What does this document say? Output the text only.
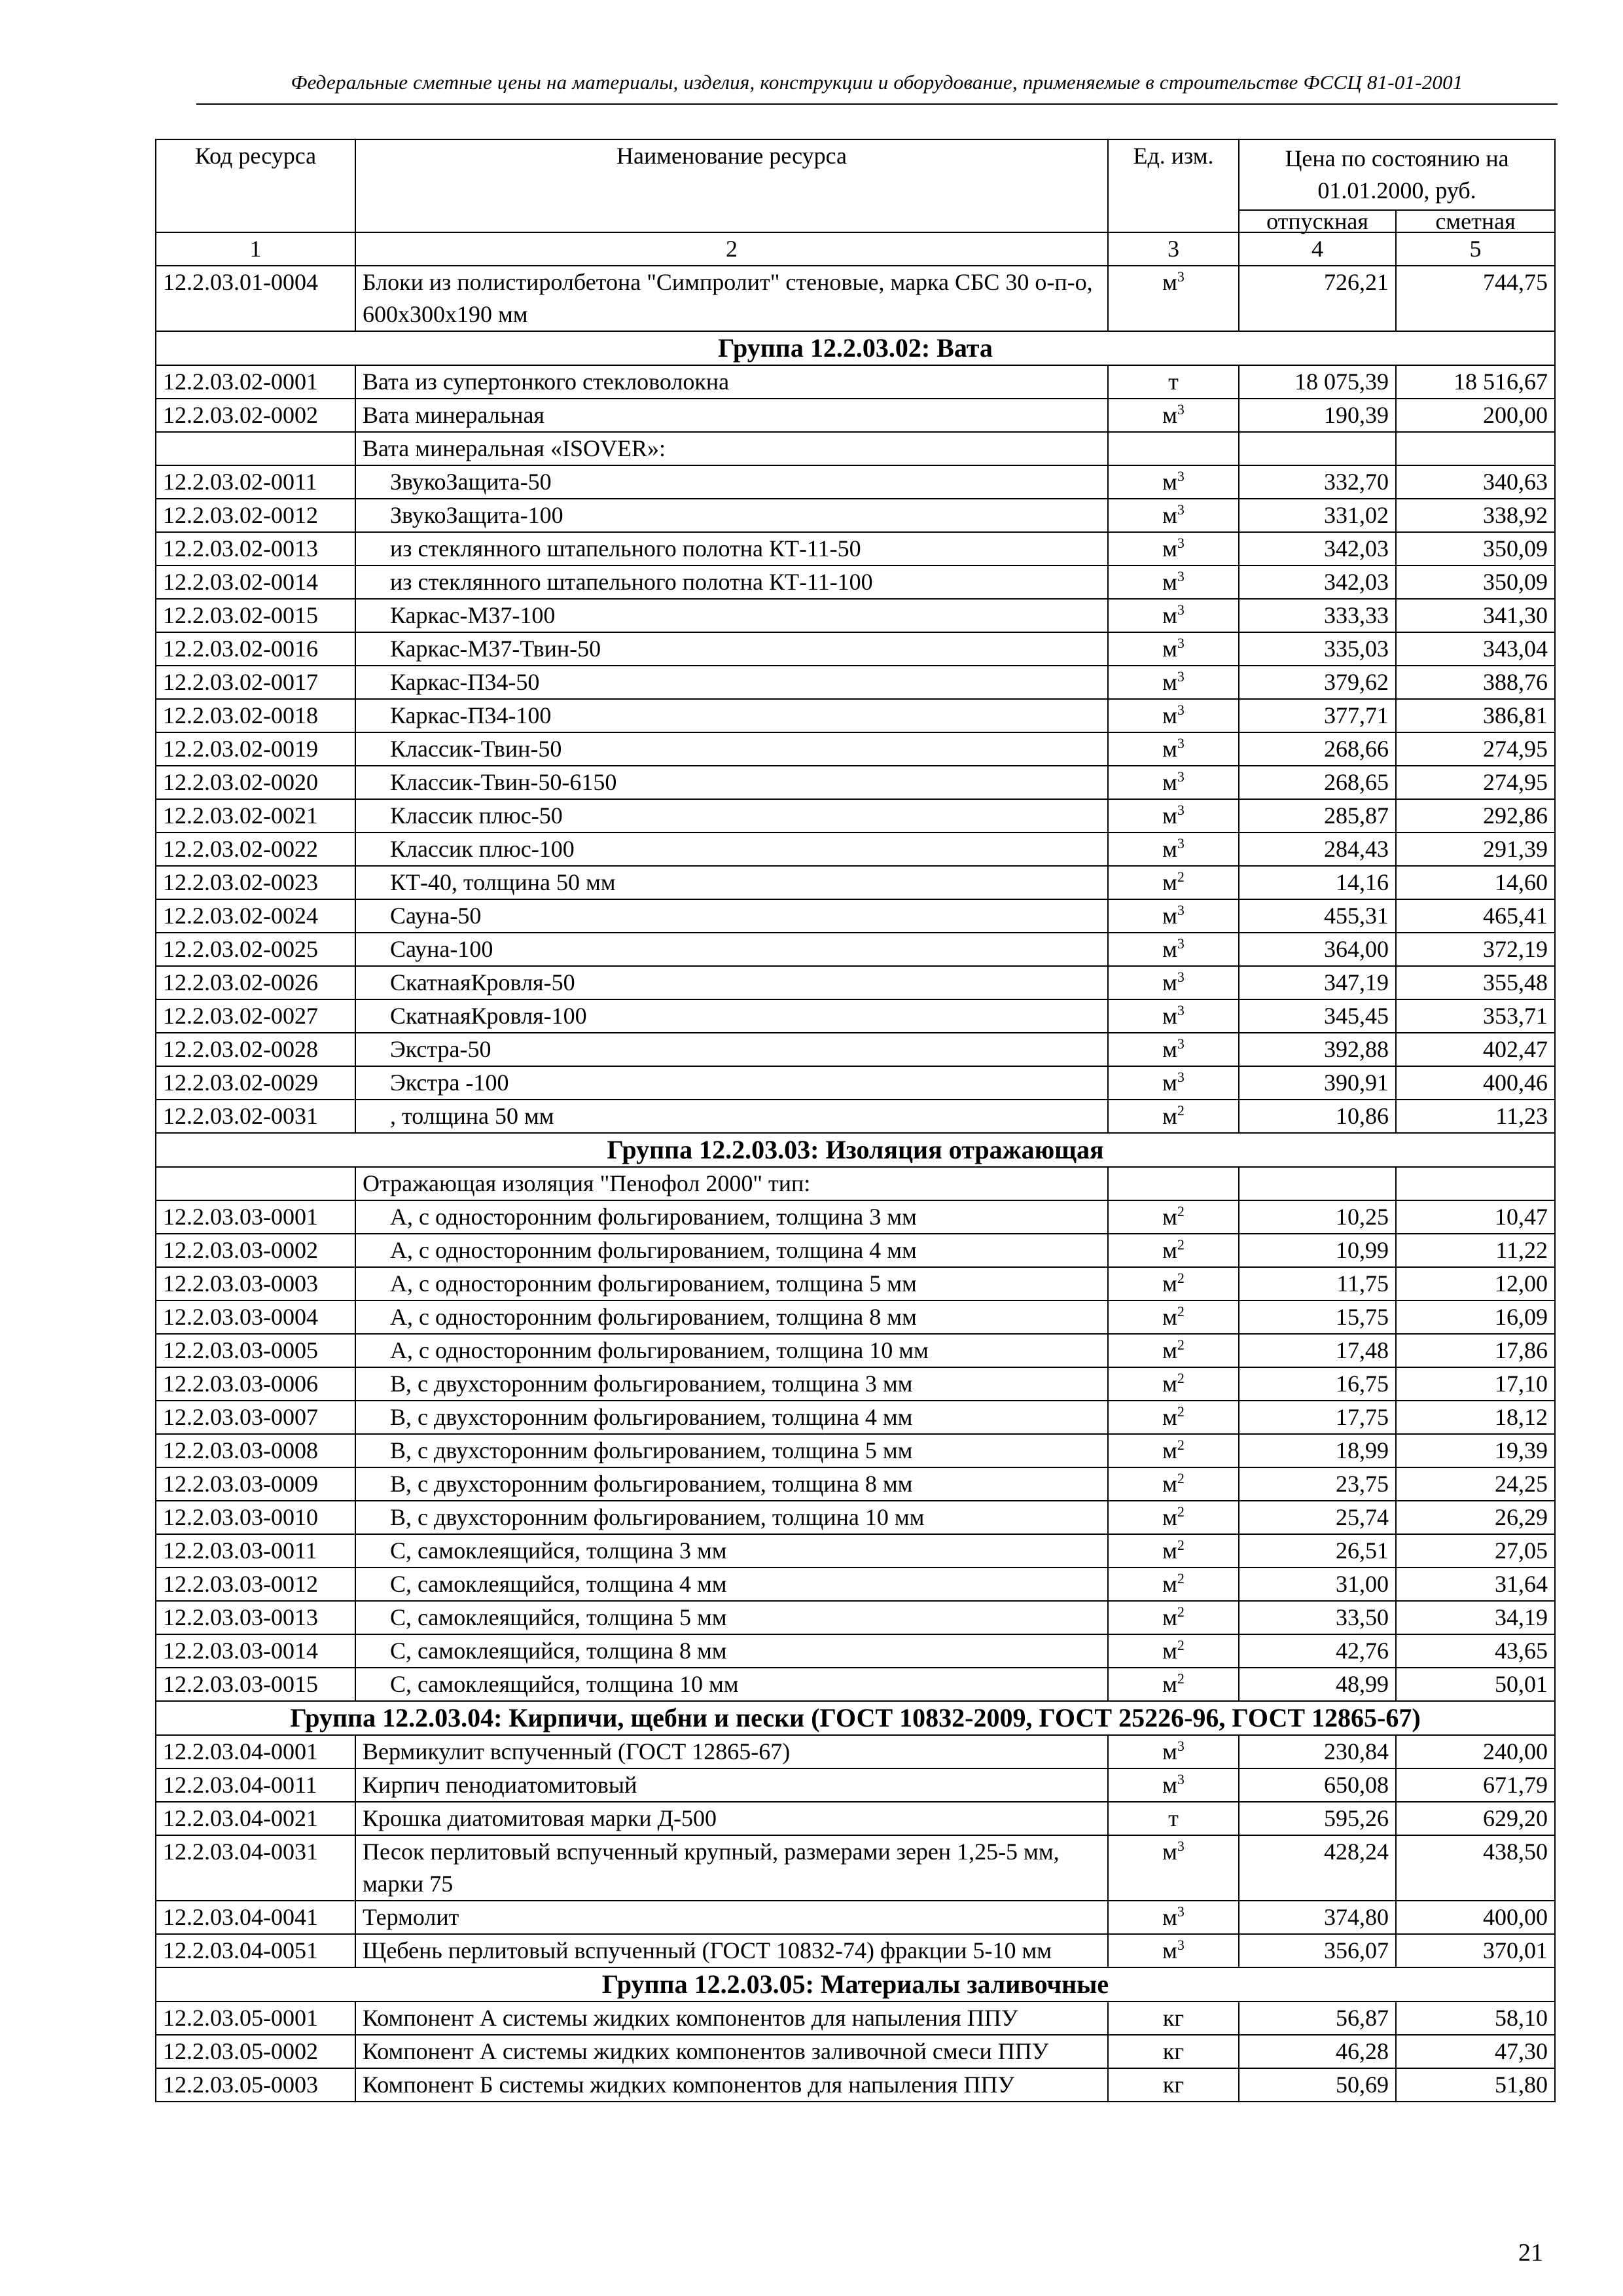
Федеральные сметные цены на материалы, изделия, конструкции и оборудование, применяемые в строительстве ФССЦ 81-01-2001
Код ресурса	Наименование ресурса	Ед. изм.	Цена по состоянию на 01.01.2000, руб.	
			отпускная	сметная
1	2	3	4	5
12.2.03.01-0004	Блоки из полистиролбетона "Симпролит" стеновые, марка СБС 30 о-п-о, 600х300х190 мм	$м^3$	726,21	744,75
Группа 12.2.03.02: Вата				
12.2.03.02-0001	Вата из супертонкого стекловолокна	т	18 075,39	18 516,67
12.2.03.02-0002	Вата минеральная	$м^3$	190,39	200,00
	Вата минеральная «ISOVER»:			
12.2.03.02-0011	ЗвукоЗащита-50	$м^3$	332,70	340,63
12.2.03.02-0012	ЗвукоЗащита-100	$м^3$	331,02	338,92
12.2.03.02-0013	из стеклянного штапельного полотна КТ-11-50	$м^3$	342,03	350,09
12.2.03.02-0014	из стеклянного штапельного полотна КТ-11-100	$м^3$	342,03	350,09
12.2.03.02-0015	Каркас-М37-100	$м^3$	333,33	341,30
12.2.03.02-0016	Каркас-М37-Твин-50	$м^3$	335,03	343,04
12.2.03.02-0017	Каркас-П34-50	$м^3$	379,62	388,76
12.2.03.02-0018	Каркас-П34-100	$м^3$	377,71	386,81
12.2.03.02-0019	Классик-Твин-50	$м^3$	268,66	274,95
12.2.03.02-0020	Классик-Твин-50-6150	$м^3$	268,65	274,95
12.2.03.02-0021	Классик плюс-50	$м^3$	285,87	292,86
12.2.03.02-0022	Классик плюс-100	$м^3$	284,43	291,39
12.2.03.02-0023	КТ-40, толщина 50 мм	$м^2$	14,16	14,60
12.2.03.02-0024	Сауна-50	$м^3$	455,31	465,41
12.2.03.02-0025	Сауна-100	$м^3$	364,00	372,19
12.2.03.02-0026	СкатнаяКровля-50	$м^3$	347,19	355,48
12.2.03.02-0027	СкатнаяКровля-100	$м^3$	345,45	353,71
12.2.03.02-0028	Экстра-50	$м^3$	392,88	402,47
12.2.03.02-0029	Экстра -100	$м^3$	390,91	400,46
12.2.03.02-0031	, толщина 50 мм	$м^2$	10,86	11,23
Группа 12.2.03.03: Изоляция отражающая				
	Отражающая изоляция "Пенофол 2000" тип:			
12.2.03.03-0001	А, с односторонним фольгированием, толщина 3 мм	$м^2$	10,25	10,47
12.2.03.03-0002	А, с односторонним фольгированием, толщина 4 мм	$м^2$	10,99	11,22
12.2.03.03-0003	А, с односторонним фольгированием, толщина 5 мм	$м^2$	11,75	12,00
12.2.03.03-0004	А, с односторонним фольгированием, толщина 8 мм	$м^2$	15,75	16,09
12.2.03.03-0005	А, с односторонним фольгированием, толщина 10 мм	$м^2$	17,48	17,86
12.2.03.03-0006	В, с двухсторонним фольгированием, толщина 3 мм	$м^2$	16,75	17,10
12.2.03.03-0007	В, с двухсторонним фольгированием, толщина 4 мм	$м^2$	17,75	18,12
12.2.03.03-0008	В, с двухсторонним фольгированием, толщина 5 мм	$м^2$	18,99	19,39
12.2.03.03-0009	В, с двухсторонним фольгированием, толщина 8 мм	$м^2$	23,75	24,25
12.2.03.03-0010	В, с двухсторонним фольгированием, толщина 10 мм	$м^2$	25,74	26,29
12.2.03.03-0011	С, самоклеящийся, толщина 3 мм	$м^2$	26,51	27,05
12.2.03.03-0012	С, самоклеящийся, толщина 4 мм	$м^2$	31,00	31,64
12.2.03.03-0013	С, самоклеящийся, толщина 5 мм	$м^2$	33,50	34,19
12.2.03.03-0014	С, самоклеящийся, толщина 8 мм	$м^2$	42,76	43,65
12.2.03.03-0015	С, самоклеящийся, толщина 10 мм	$м^2$	48,99	50,01
Группа 12.2.03.04: Кирпичи, щебни и пески (ГОСТ 10832-2009, ГОСТ 25226-96, ГОСТ 12865-67)				
12.2.03.04-0001	Вермикулит вспученный (ГОСТ 12865-67)	$м^3$	230,84	240,00
12.2.03.04-0011	Кирпич пенодиатомитовый	$м^3$	650,08	671,79
12.2.03.04-0021	Крошка диатомитовая марки Д-500	т	595,26	629,20
12.2.03.04-0031	Песок перлитовый вспученный крупный, размерами зерен 1,25-5 мм, марки 75	$м^3$	428,24	438,50
12.2.03.04-0041	Термолит	$м^3$	374,80	400,00
12.2.03.04-0051	Щебень перлитовый вспученный (ГОСТ 10832-74) фракции 5-10 мм	$м^3$	356,07	370,01
Группа 12.2.03.05: Материалы заливочные				
12.2.03.05-0001	Компонент А системы жидких компонентов для напыления ППУ	кг	56,87	58,10
12.2.03.05-0002	Компонент А системы жидких компонентов заливочной смеси ППУ	кг	46,28	47,30
12.2.03.05-0003	Компонент Б системы жидких компонентов для напыления ППУ	кг	50,69	51,80
21
